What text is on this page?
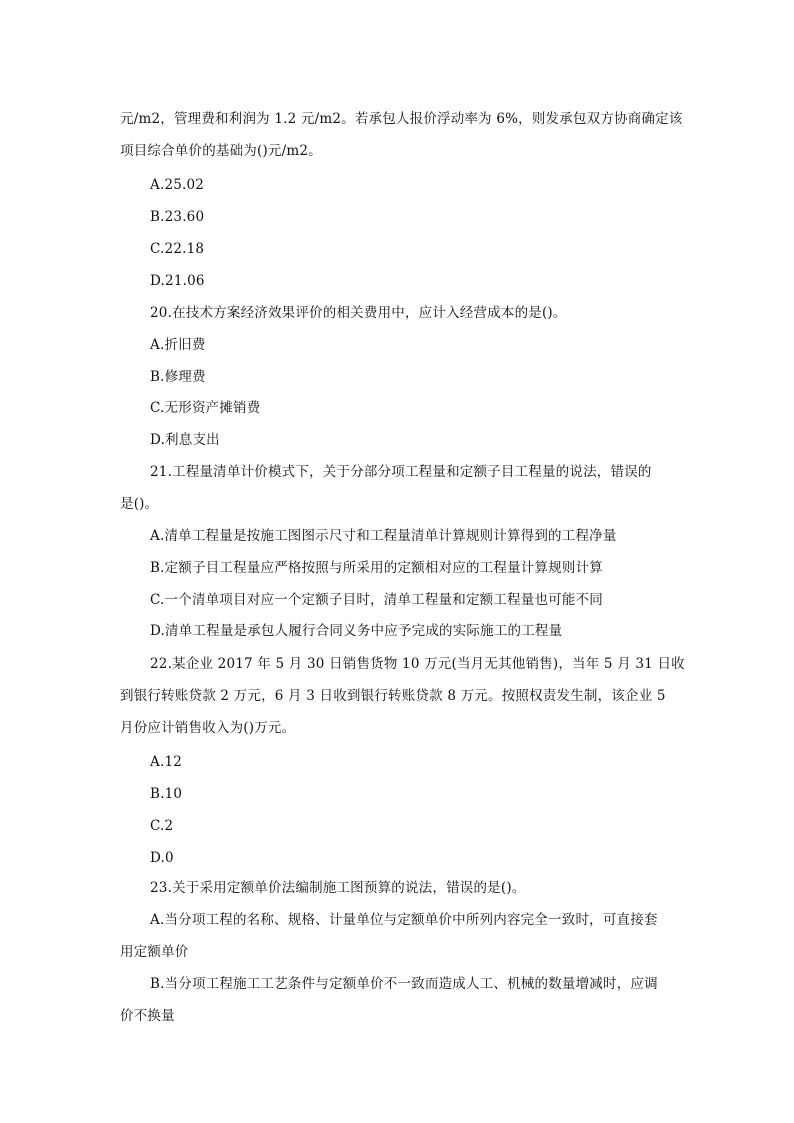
元/m2，管理费和利润为 1.2 元/m2。若承包人报价浮动率为 6%，则发承包双方协商确定该
项目综合单价的基础为()元/m2。
A.25.02
B.23.60
C.22.18
D.21.06
20.在技术方案经济效果评价的相关费用中，应计入经营成本的是()。
A.折旧费
B.修理费
C.无形资产摊销费
D.利息支出
21.工程量清单计价模式下，关于分部分项工程量和定额子目工程量的说法，错误的
是()。
A.清单工程量是按施工图图示尺寸和工程量清单计算规则计算得到的工程净量
B.定额子目工程量应严格按照与所采用的定额相对应的工程量计算规则计算
C.一个清单项目对应一个定额子目时，清单工程量和定额工程量也可能不同
D.清单工程量是承包人履行合同义务中应予完成的实际施工的工程量
22.某企业 2017 年 5 月 30 日销售货物 10 万元(当月无其他销售)，当年 5 月 31 日收
到银行转账贷款 2 万元，6 月 3 日收到银行转账贷款 8 万元。按照权责发生制，该企业 5
月份应计销售收入为()万元。
A.12
B.10
C.2
D.0
23.关于采用定额单价法编制施工图预算的说法，错误的是()。
A.当分项工程的名称、规格、计量单位与定额单价中所列内容完全一致时，可直接套
用定额单价
B.当分项工程施工工艺条件与定额单价不一致而造成人工、机械的数量增减时，应调
价不换量
